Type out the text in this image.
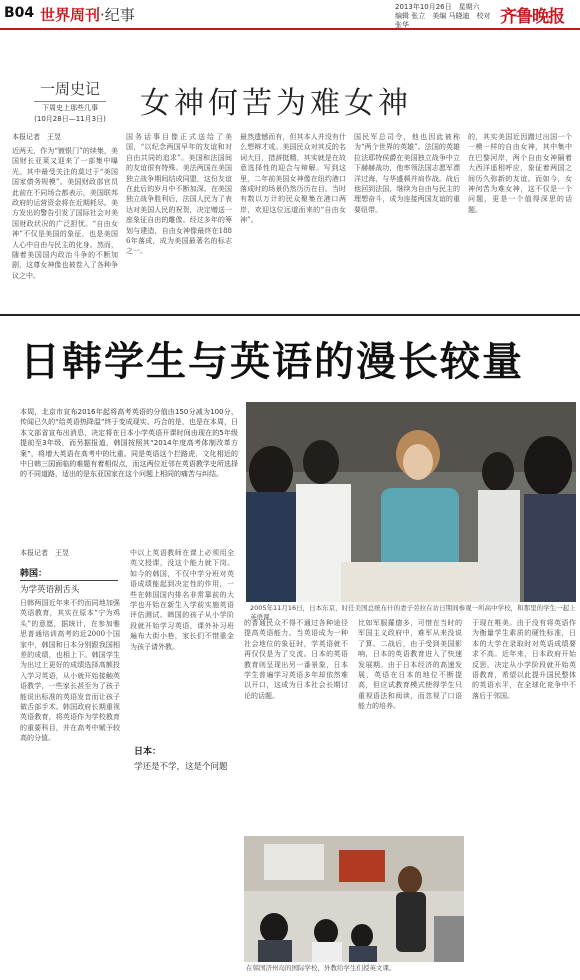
B04 世界周刊·纪事	2013年10月26日　星期六
编辑 张立　美编 马晓迪　校对 张华	齐鲁晚报
一周史记
下周史上那些几事
(10月28日—11月3日)	女神何苦为难女神
本报记者　王昱
近两天，作为“镀银门”的续集，美国财长亚莱又迎来了一部集中曝光。其中最受关注的莫过于“美国国家债务规模”。美国财政部官员此前在不同场合都表示，美国联邦政府的运营资金将在近期耗尽。美方发出的警告引发了国际社会对美国财政状况的广泛担忧。“自由女神”不仅是美国的象征，也是美国人心中自由与民主的化身。然而，随着美国国内政治斗争的不断加剧，这尊女神像也被卷入了各种争议之中。
国务话事目像正式送给了美国，“以纪念两国早年的友谊和对自由共同的追求”。美国和法国间的友谊很有特殊。美法两国在美国独立战争期间结成同盟，这份友谊在此后的岁月中不断加深。在美国独立战争胜利后，法国人民为了表达对美国人民的祝贺，决定赠送一座象征自由的雕像。经过多年的筹划与建造，自由女神像最终在1886年落成，成为美国最著名的标志之一。
最然遗憾而有，但其本人并没有什么想辩才或。美国民众对其反的名词大目，措辞挺精，其实就是在故意选择性的迎合与辩解。写到这里，二年前美国女神像在纽约港口落成时的场景仍然历历在目。当时有数以万计的民众聚集在港口两岸，欢迎这位远道而来的“自由女神”。
国民军总司令，他也因此被称为“两个世界的英雄”。法国的英雄拉法耶特侯爵在美国独立战争中立下赫赫战功，他率领法国志愿军漂洋过海，与华盛顿并肩作战。战后他回到法国，继续为自由与民主的理想奋斗，成为连接两国友谊的重要纽带。
的，其实美国近因蹭过出国一个一模一样的自由女神，其中集中在巴黎河岸，两个自由女神隔着大西洋遥相呼应，象征着两国之间历久弥新的友谊。而如今，女神何苦为难女神，这不仅是一个问题，更是一个值得深思的话题。
日韩学生与英语的漫长较量
本周，北京市宣布2016年起将高考英语的分值由150分减为100分，传闻已久的“给英语热降温”终于变成现实。巧合的是，也是在本周，日本文部省宣布出消息，决定将在日本小学英语开课时间由现在的5年级提前至3年级，而另据报道，韩国按照其“2014年度高考体制改革方案”，将增大英语在高考中的比重。同是英语这个拦路虎，文化相近的中日韩三国面临的难题有着相似点，而这两位近邻在英语教学史所选择的不同道路，适出的是东亚国家在这个问题上相同的痛苦与纠结。
2005年11月16日，日本东京，时任美国总统布什的妻子劳拉在访日期间参观一所高中学校，和那里的学生一起上英语课。
本报记者　王昱
韩国：
为学英语割舌头
日韩两国近年来不约而同地加强英语教育，其实在原本“宁为鸡头”的意愿，据统计，在参加雅思普通培训高考的近2000个国家中，韩国和日本分别跟我国相差的成绩，也相上下。韩国学生为出过上更好的成绩选择高额投入学习英语，从小就开始接触英语教学，一些家长甚至为了孩子能说出标准的英语发音而让孩子做舌部手术。韩国政府长期重视英语教育，将英语作为学校教育的重要科目，并在高考中赋予较高的分值。
中以上英语教师在课上必须用全英文授课，没这个能力就下岗。如今的韩国，不仅中学分班对英语成绩能起到决定性的作用，一些在韩国国内排名非常靠前的大学也开始在新生入学前实施英语评估测试。韩国的孩子从小学阶段就开始学习英语，课外补习班遍布大街小巷，家长们不惜重金为孩子请外教。
日本：
学还是不学，这是个问题
的普通民众不得不通过各种途径提高英语能力。当英语成为一种社会地位的象征时，学英语就不再仅仅是为了交流。日本的英语教育则呈现出另一番景象，日本学生普遍学习英语多年却依然难以开口，这成为日本社会长期讨论的话题。
比如军服羅德多，可惜在当时的军国主义政府中，难军从来没说了算。二战后，由于受到美国影响，日本的英语教育进入了快速发展期。由于日本经济的高速发展，英语在日本的地位不断提高，但应试教育模式使得学生只重视语法和阅读，而忽视了口语能力的培养。
于现在唯美。由于没有将英语作为衡量学生素质的硬性标准，日本的大学在录取时对英语成绩要求不高。近年来，日本政府开始反思，决定从小学阶段就开始英语教育，希望以此提升国民整体的英语水平，在全球化竞争中不落后于邻国。
在韩国济州岛的国际学校，外教给学生们授英文课。
